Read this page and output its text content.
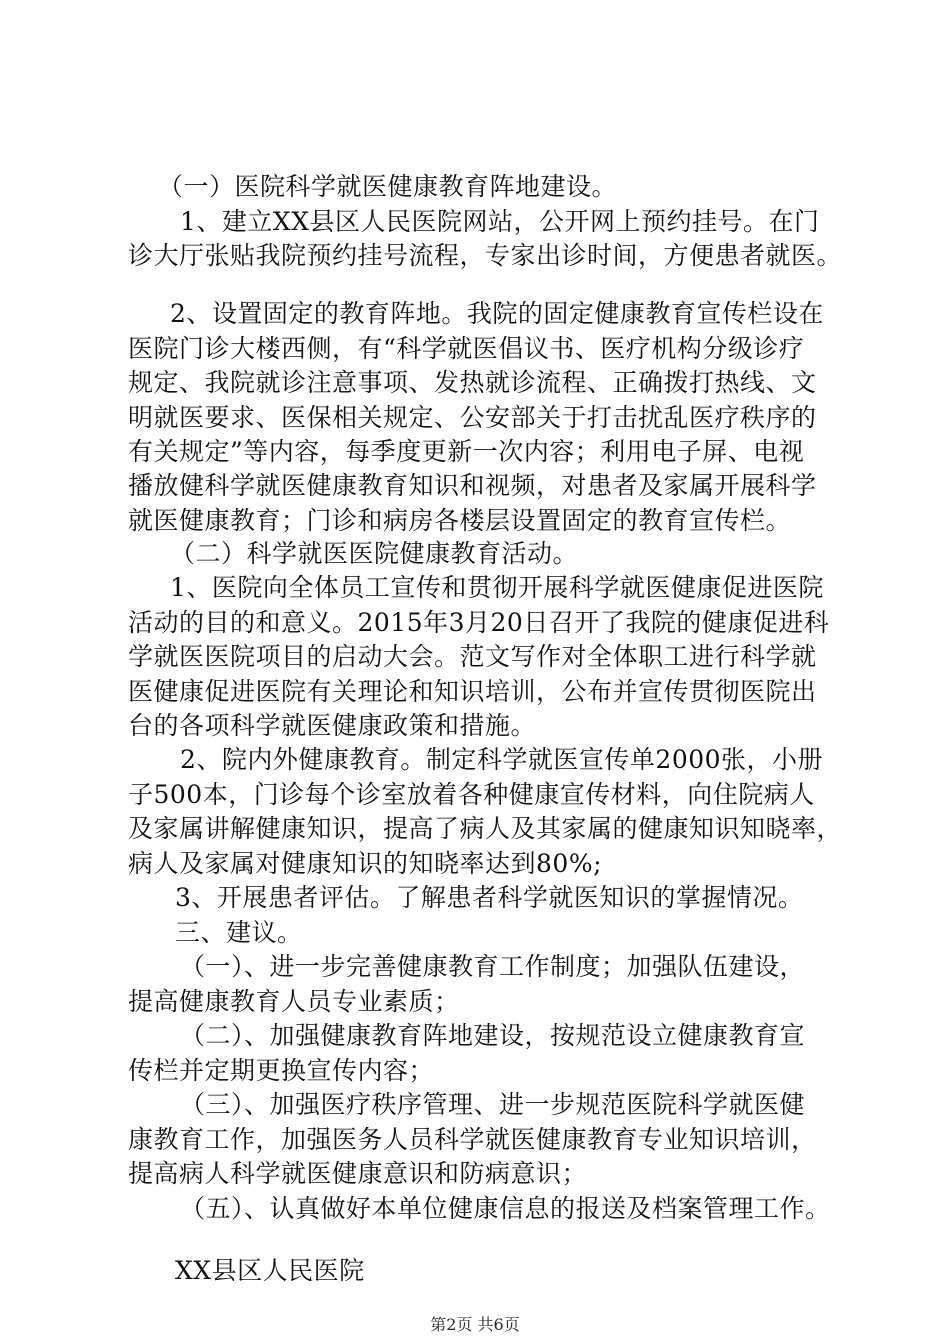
（一）医院科学就医健康教育阵地建设。
1、建立XX县区人民医院网站，公开网上预约挂号。在门
诊大厅张贴我院预约挂号流程，专家出诊时间，方便患者就医。
2、设置固定的教育阵地。我院的固定健康教育宣传栏设在
医院门诊大楼西侧，有“科学就医倡议书、医疗机构分级诊疗
规定、我院就诊注意事项、发热就诊流程、正确拨打热线、文
明就医要求、医保相关规定、公安部关于打击扰乱医疗秩序的
有关规定”等内容，每季度更新一次内容；利用电子屏、电视
播放健科学就医健康教育知识和视频，对患者及家属开展科学
就医健康教育；门诊和病房各楼层设置固定的教育宣传栏。
（二）科学就医医院健康教育活动。
1、医院向全体员工宣传和贯彻开展科学就医健康促进医院
活动的目的和意义。2015年3月20日召开了我院的健康促进科
学就医医院项目的启动大会。范文写作对全体职工进行科学就
医健康促进医院有关理论和知识培训，公布并宣传贯彻医院出
台的各项科学就医健康政策和措施。
2、院内外健康教育。制定科学就医宣传单2000张，小册
子500本，门诊每个诊室放着各种健康宣传材料，向住院病人
及家属讲解健康知识，提高了病人及其家属的健康知识知晓率，
病人及家属对健康知识的知晓率达到80%;
3、开展患者评估。了解患者科学就医知识的掌握情况。
三、建议。
（一）、进一步完善健康教育工作制度；加强队伍建设，
提高健康教育人员专业素质；
（二）、加强健康教育阵地建设，按规范设立健康教育宣
传栏并定期更换宣传内容；
（三）、加强医疗秩序管理、进一步规范医院科学就医健
康教育工作，加强医务人员科学就医健康教育专业知识培训，
提高病人科学就医健康意识和防病意识；
（五）、认真做好本单位健康信息的报送及档案管理工作。
XX县区人民医院
第2页 共6页
